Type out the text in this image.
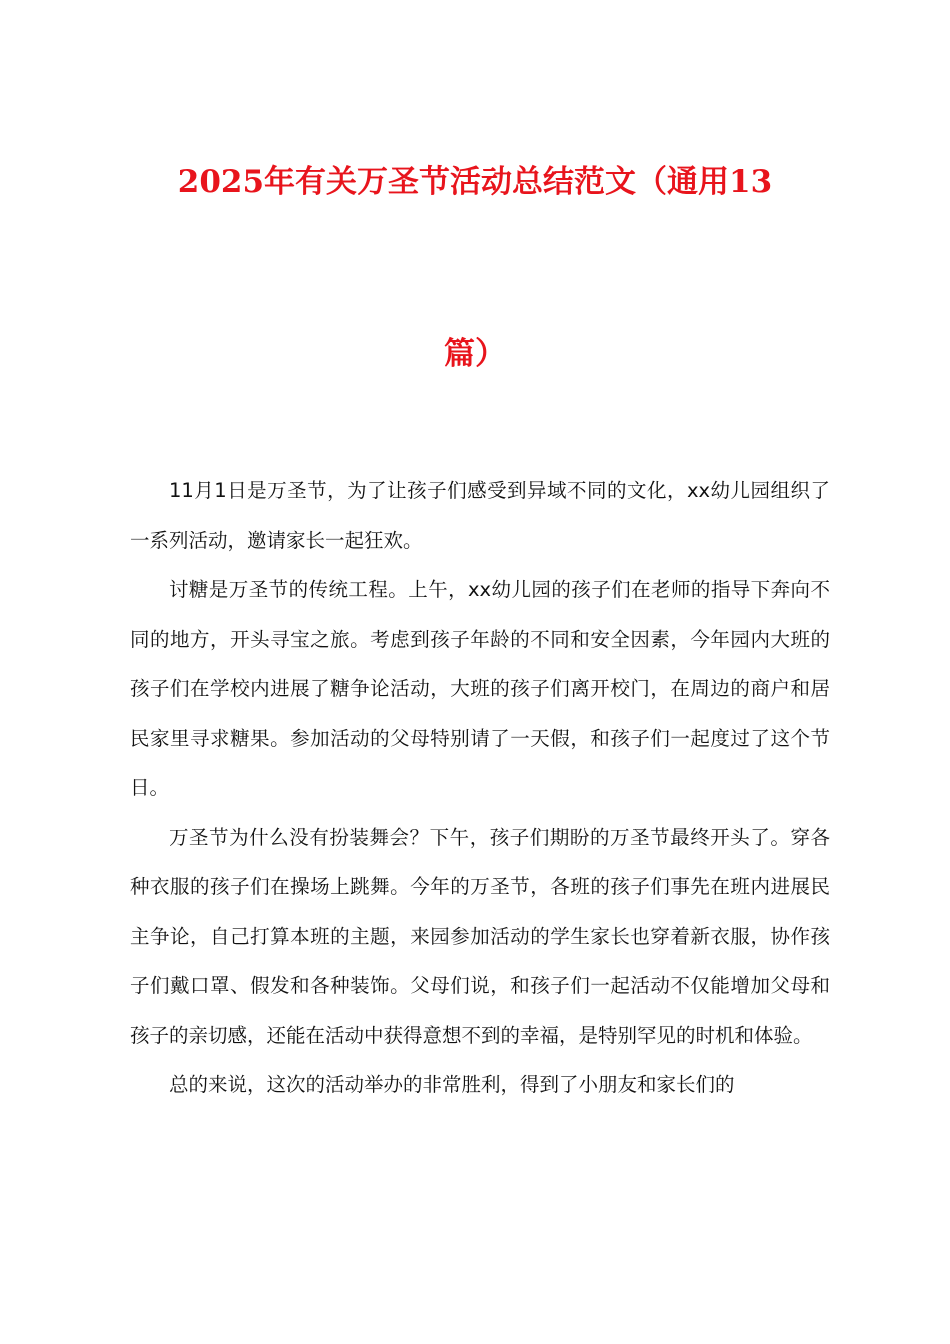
2025年有关万圣节活动总结范文（通用13
篇）

11月1日是万圣节，为了让孩子们感受到异域不同的文化，xx幼儿园组织了一系列活动，邀请家长一起狂欢。

讨糖是万圣节的传统工程。上午，xx幼儿园的孩子们在老师的指导下奔向不同的地方，开头寻宝之旅。考虑到孩子年龄的不同和安全因素，今年园内大班的孩子们在学校内进展了糖争论活动，大班的孩子们离开校门，在周边的商户和居民家里寻求糖果。参加活动的父母特别请了一天假，和孩子们一起度过了这个节日。

万圣节为什么没有扮装舞会？下午，孩子们期盼的万圣节最终开头了。穿各种衣服的孩子们在操场上跳舞。今年的万圣节，各班的孩子们事先在班内进展民主争论，自己打算本班的主题，来园参加活动的学生家长也穿着新衣服，协作孩子们戴口罩、假发和各种装饰。父母们说，和孩子们一起活动不仅能增加父母和孩子的亲切感，还能在活动中获得意想不到的幸福，是特别罕见的时机和体验。

总的来说，这次的活动举办的非常胜利，得到了小朋友和家长们的
